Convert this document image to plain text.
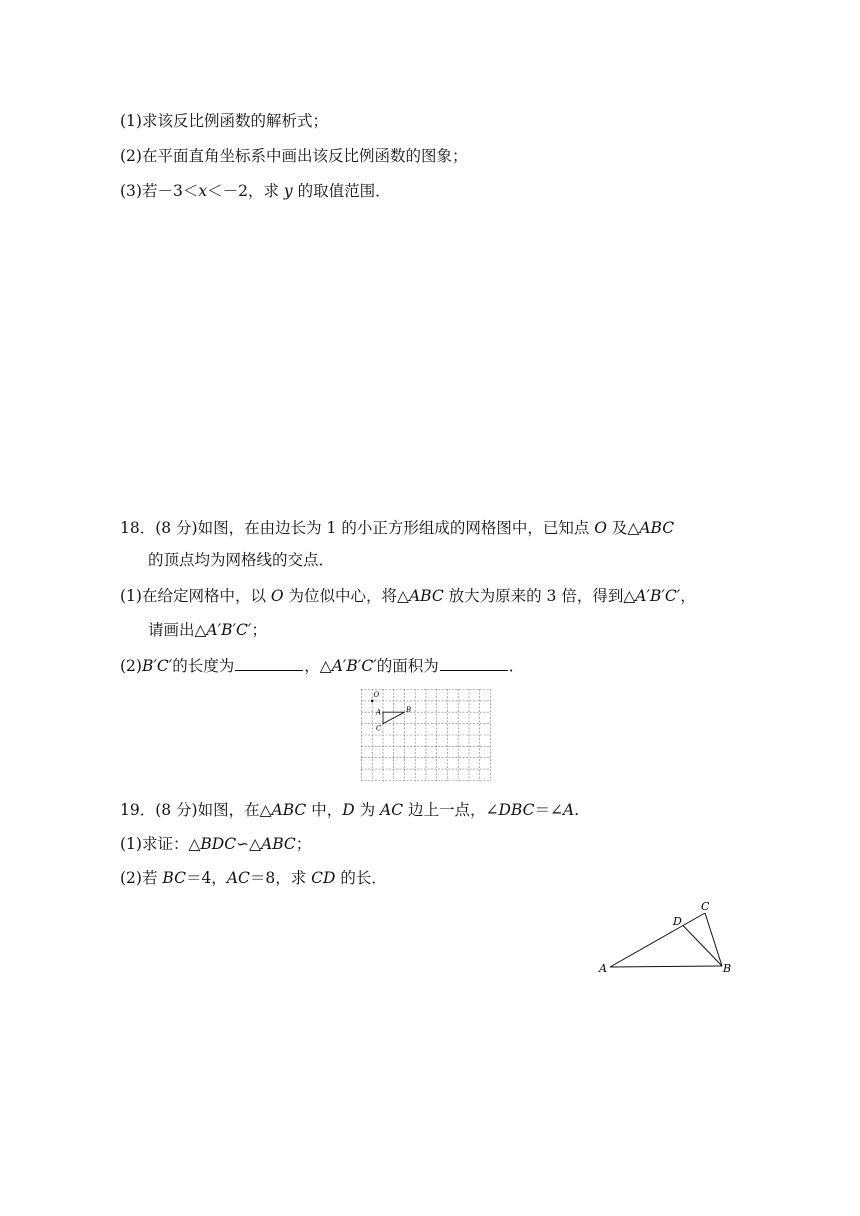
(1)求该反比例函数的解析式；
(2)在平面直角坐标系中画出该反比例函数的图象；
(3)若－3＜x＜－2，求 y 的取值范围．
18．(8 分)如图，在由边长为 1 的小正方形组成的网格图中，已知点 O 及△ABC
的顶点均为网格线的交点．
(1)在给定网格中，以 O 为位似中心，将△ABC 放大为原来的 3 倍，得到△A′B′C′，
请画出△A′B′C′；
(2)B′C′的长度为	，△A′B′C′的面积为	．
O
A	B
C
19．(8 分)如图，在△ABC 中，D 为 AC 边上一点，∠DBC＝∠A.
(1)求证：△BDC∽△ABC；
(2)若 BC＝4，AC＝8，求 CD 的长．
A	B
C
D
